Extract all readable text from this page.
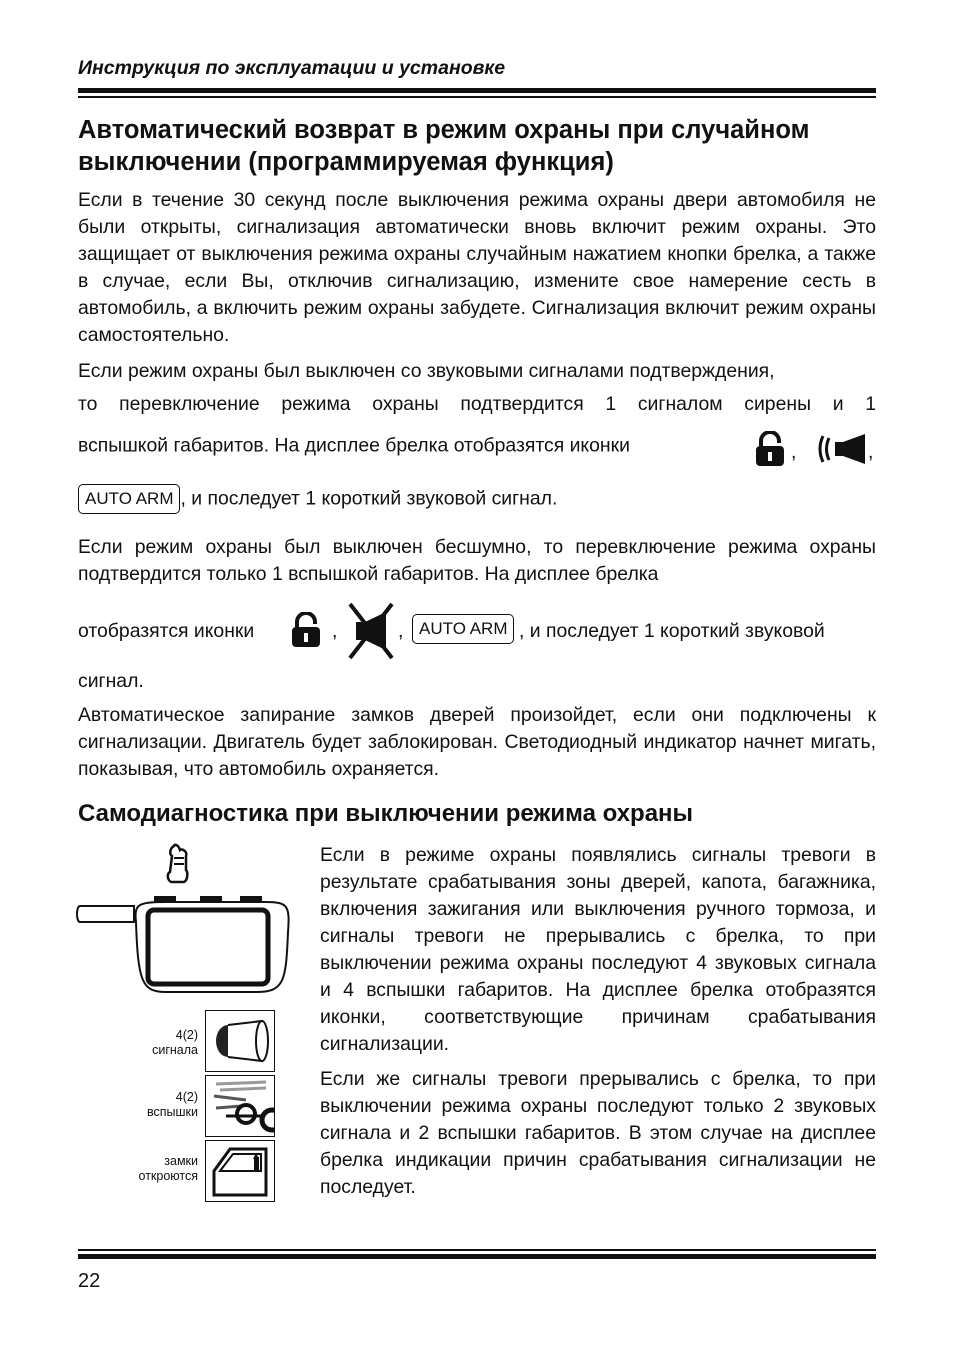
Инструкция по эксплуатации и установке
Автоматический возврат в режим охраны при случайном выключении (программируемая функция)

Если в течение 30 секунд после выключения режима охраны двери автомобиля не были открыты, сигнализация автоматически вновь включит режим охраны. Это защищает от выключения режима охраны случайным нажатием кнопки брелка, а также в случае, если Вы, отключив сигнализацию, измените свое намерение сесть в автомобиль, а включить режим охраны забудете. Сигнализация включит режим охраны самостоятельно.

Если режим охраны был выключен со звуковыми сигналами подтверждения,
то перевключение режима охраны подтвердится 1 сигналом сирены и 1
вспышкой габаритов. На дисплее брелка отобразятся иконки	,	,
AUTO ARM , и последует 1 короткий звуковой сигнал.

Если режим охраны был выключен бесшумно, то перевключение режима охраны подтвердится только 1 вспышкой габаритов. На дисплее брелка

отобразятся иконки	,	, AUTO ARM , и последует 1 короткий звуковой
сигнал.

Автоматическое запирание замков дверей произойдет, если они подключены к сигнализации. Двигатель будет заблокирован. Светодиодный индикатор начнет мигать, показывая, что автомобиль охраняется.

Самодиагностика при выключении режима охраны
4(2)
сигнала
4(2)
вспышки
замки
откроются

Если в режиме охраны появлялись сигналы тревоги в результате срабатывания зоны дверей, капота, багажника, включения зажигания или выключения ручного тормоза, и сигналы тревоги не прерывались с брелка, то при выключении режима охраны последуют 4 звуковых сигнала и 4 вспышки габаритов. На дисплее брелка отобразятся иконки, соответствующие причинам срабатывания сигнализации.

Если же сигналы тревоги прерывались с брелка, то при выключении режима охраны последуют только 2 звуковых сигнала и 2 вспышки габаритов. В этом случае на дисплее брелка индикации причин срабатывания сигнализации не последует.

22
